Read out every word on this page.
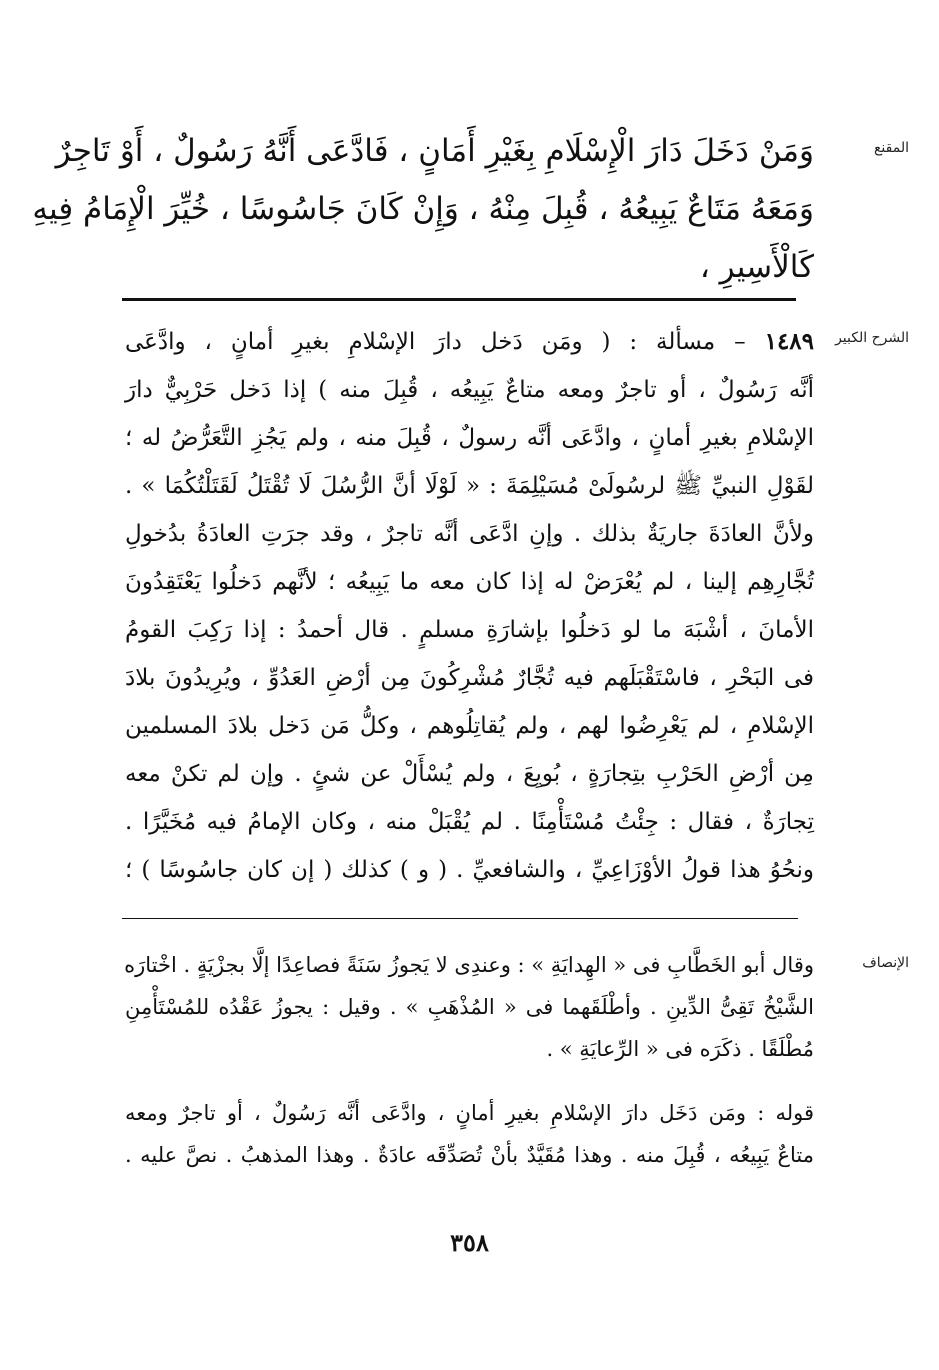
المقنع
وَمَنْ دَخَلَ دَارَ الْإِسْلَامِ بِغَيْرِ أَمَانٍ ، فَادَّعَى أَنَّهُ رَسُولٌ ، أَوْ تَاجِرٌ
وَمَعَهُ مَتَاعٌ يَبِيعُهُ ، قُبِلَ مِنْهُ ، وَإِنْ كَانَ جَاسُوسًا ، خُيِّرَ الْإِمَامُ فِيهِ
كَالْأَسِيرِ ،
الشرح الكبير
١٤٨٩ – مسألة : ( ومَن دَخل دارَ الإسْلامِ بغيرِ أمانٍ ، وادَّعَى
أنَّه رَسُولٌ ، أو تاجرٌ ومعه متاعٌ يَبِيعُه ، قُبِلَ منه ) إذا دَخل حَرْبِيٌّ دارَ
الإسْلامِ بغيرِ أمانٍ ، وادَّعَى أنَّه رسولٌ ، قُبِلَ منه ، ولم يَجُزِ التَّعَرُّضُ له ؛
لقَوْلِ النبيِّ ﷺ لرسُولَىْ مُسَيْلِمَةَ : « لَوْلَا أنَّ الرُّسُلَ لَا تُقْتَلُ لَقَتَلْتُكُمَا » .
ولأنَّ العادَةَ جاريَةٌ بذلك . وإنِ ادَّعَى أنَّه تاجرٌ ، وقد جرَتِ العادَةُ بدُخولِ
تُجَّارِهِم إلينا ، لم يُعْرَضْ له إذا كان معه ما يَبِيعُه ؛ لأنَّهم دَخلُوا يَعْتَقِدُونَ
الأمانَ ، أشْبَهَ ما لو دَخلُوا بإشارَةِ مسلمٍ . قال أحمدُ : إذا رَكِبَ القومُ
فى البَحْرِ ، فاسْتَقْبَلَهم فيه تُجَّارٌ مُشْرِكُونَ مِن أرْضِ العَدُوِّ ، ويُرِيدُونَ بلادَ
الإسْلامِ ، لم يَعْرِضُوا لهم ، ولم يُقاتِلُوهم ، وكلُّ مَن دَخل بلادَ المسلمين
مِن أرْضِ الحَرْبِ بتِجارَةٍ ، بُويِعَ ، ولم يُسْأَلْ عن شئٍ . وإن لم تكنْ معه
تِجارَةٌ ، فقال : جِئْتُ مُسْتَأْمِنًا . لم يُقْبَلْ منه ، وكان الإمامُ فيه مُخَيَّرًا .
ونحُوُ هذا قولُ الأوْزَاعِيِّ ، والشافعيِّ . ( و ) كذلك ( إن كان جاسُوسًا ) ؛
الإنصاف
وقال أبو الخَطَّابِ فى « الهِدايَةِ » : وعندِى لا يَجوزُ سَنَةً فصاعِدًا إلَّا بجزْيَةٍ . اخْتارَه
الشَّيْخُ تَقِىُّ الدِّينِ . وأطْلَقَهما فى « المُذْهَبِ » . وقيل : يجوزُ عَقْدُه للمُسْتَأْمِنِ
مُطْلَقًا . ذكَرَه فى « الرِّعايَةِ » .
قوله : ومَن دَخَل دارَ الإسْلامِ بغيرِ أمانٍ ، وادَّعَى أنَّه رَسُولٌ ، أو تاجرٌ ومعه
متاعٌ يَبِيعُه ، قُبِلَ منه . وهذا مُقَيَّدٌ بأنْ تُصَدِّقَه عادَةٌ . وهذا المذهبُ . نصَّ عليه .
٣٥٨
